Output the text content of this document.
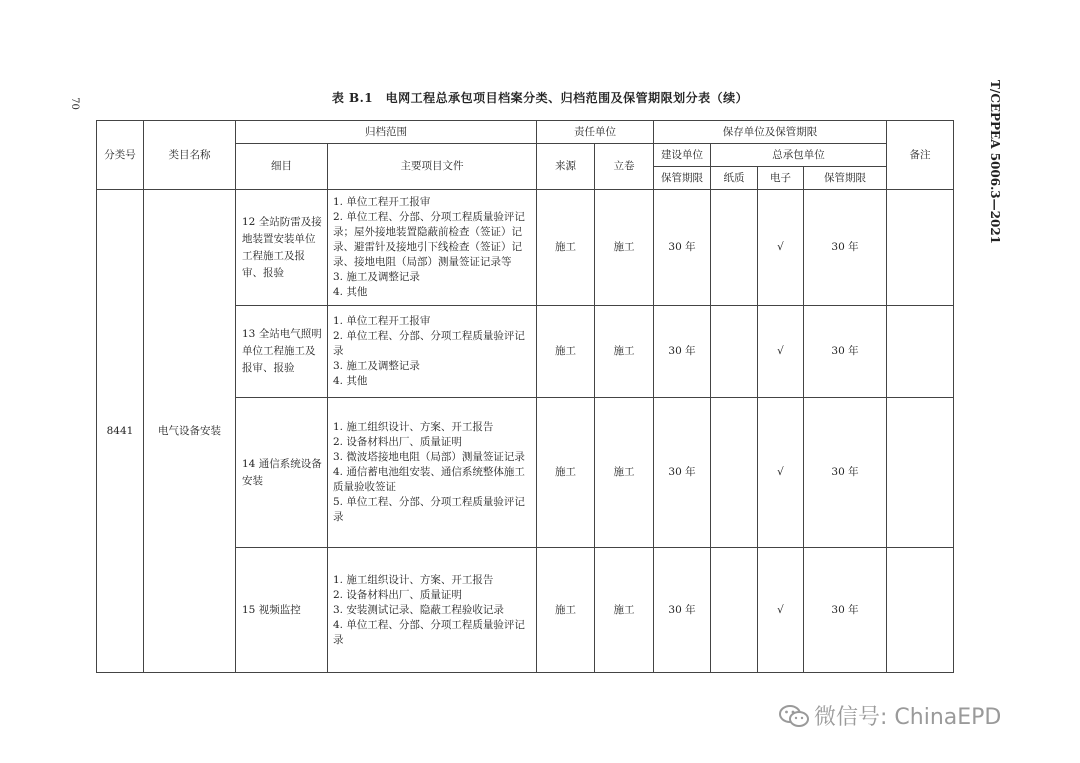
70	T/CEPPEA 5006.3—2021
表 B.1　电网工程总承包项目档案分类、归档范围及保管期限划分表（续）
分类号	类目名称	归档范围		责任单位		保存单位及保管期限				备注
		细目	主要项目文件	来源	立卷	建设单位	总承包单位			
						保管期限	纸质	电子	保管期限	
8441	电气设备安装	12 全站防雷及接地装置安装单位工程施工及报审、报验	1. 单位工程开工报审
2. 单位工程、分部、分项工程质量验评记录；屋外接地装置隐蔽前检查（签证）记录、避雷针及接地引下线检查（签证）记录、接地电阻（局部）测量签证记录等
3. 施工及调整记录
4. 其他	施工	施工	30 年		√	30 年	
		13 全站电气照明单位工程施工及报审、报验	1. 单位工程开工报审
2. 单位工程、分部、分项工程质量验评记录
3. 施工及调整记录
4. 其他	施工	施工	30 年		√	30 年	
		14 通信系统设备安装	1. 施工组织设计、方案、开工报告
2. 设备材料出厂、质量证明
3. 微波塔接地电阻（局部）测量签证记录
4. 通信蓄电池组安装、通信系统整体施工质量验收签证
5. 单位工程、分部、分项工程质量验评记录	施工	施工	30 年		√	30 年	
		15 视频监控	1. 施工组织设计、方案、开工报告
2. 设备材料出厂、质量证明
3. 安装测试记录、隐蔽工程验收记录
4. 单位工程、分部、分项工程质量验评记录	施工	施工	30 年		√	30 年	
微信号: ChinaEPD
